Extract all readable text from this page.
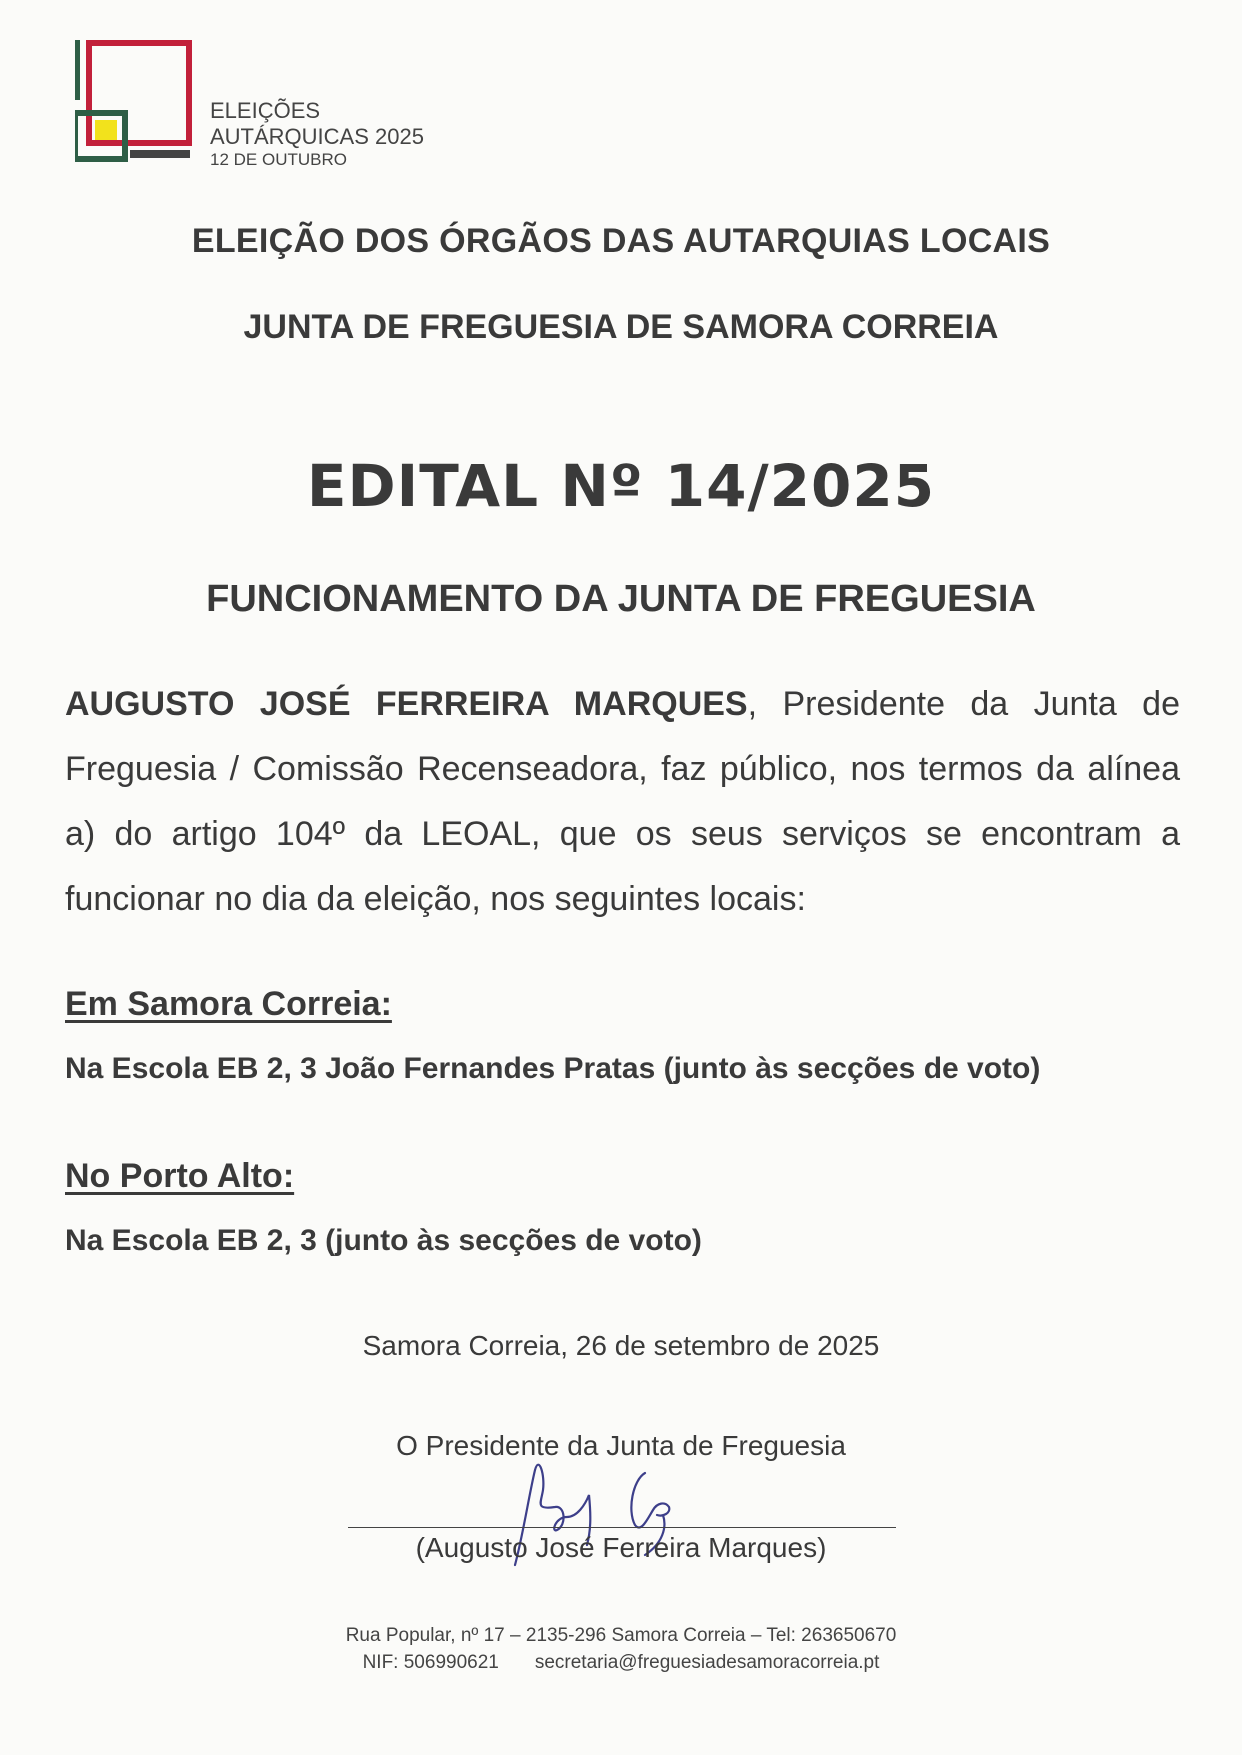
ELEIÇÕES
AUTÁRQUICAS 2025
12 DE OUTUBRO
ELEIÇÃO DOS ÓRGÃOS DAS AUTARQUIAS LOCAIS
JUNTA DE FREGUESIA DE SAMORA CORREIA
EDITAL Nº 14/2025
FUNCIONAMENTO DA JUNTA DE FREGUESIA
AUGUSTO JOSÉ FERREIRA MARQUES, Presidente da Junta de Freguesia / Comissão Recenseadora, faz público, nos termos da alínea a) do artigo 104º da LEOAL, que os seus serviços se encontram a funcionar no dia da eleição, nos seguintes locais:
Em Samora Correia:
Na Escola EB 2, 3 João Fernandes Pratas (junto às secções de voto)
No Porto Alto:
Na Escola EB 2, 3 (junto às secções de voto)
Samora Correia, 26 de setembro de 2025
O Presidente da Junta de Freguesia
(Augusto José Ferreira Marques)
Rua Popular, nº 17 – 2135-296 Samora Correia – Tel: 263650670
NIF: 506990621 secretaria@freguesiadesamoracorreia.pt
